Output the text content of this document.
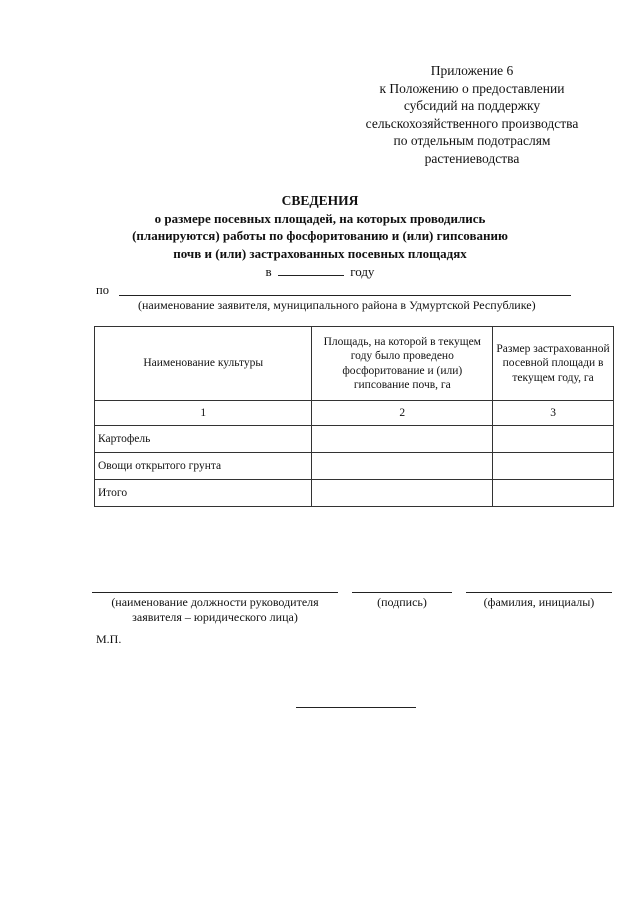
Приложение 6
к Положению о предоставлении
субсидий на поддержку
сельскохозяйственного производства
по отдельным подотраслям
растениеводства
СВЕДЕНИЯ
о размере посевных площадей, на которых проводились
(планируются) работы по фосфоритованию и (или) гипсованию
почв и (или) застрахованных посевных площадях
в	году
по
(наименование заявителя, муниципального района в Удмуртской Республике)
Наименование культуры	Площадь, на которой в текущем году было проведено фосфоритование и (или) гипсование почв, га	Размер застрахованной посевной площади в текущем году, га
1	2	3
Картофель		
Овощи открытого грунта		
Итого		
(наименование должности руководителя
заявителя – юридического лица)
(подпись)	(фамилия, инициалы)
М.П.
